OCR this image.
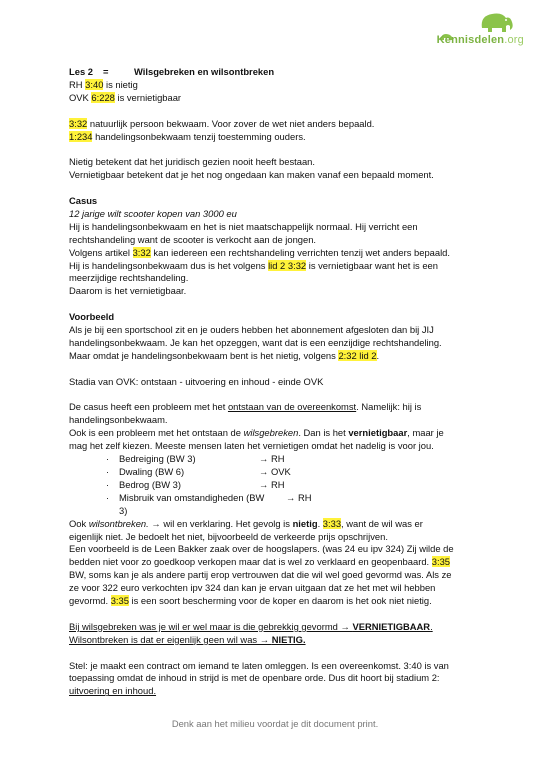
Kennisdelen.org
Les 2 =	Wilsgebreken en wilsontbreken

RH 3:40 is nietig

OVK 6:228 is vernietigbaar

3:32 natuurlijk persoon bekwaam. Voor zover de wet niet anders bepaald.

1:234 handelingsonbekwaam tenzij toestemming ouders.

Nietig betekent dat het juridisch gezien nooit heeft bestaan.

Vernietigbaar betekent dat je het nog ongedaan kan maken vanaf een bepaald moment.

Casus

12 jarige wilt scooter kopen van 3000 eu

Hij is handelingsonbekwaam en het is niet maatschappelijk normaal. Hij verricht een

rechtshandeling want de scooter is verkocht aan de jongen.

Volgens artikel 3:32 kan iedereen een rechtshandeling verrichten tenzij wet anders bepaald.

Hij is handelingsonbekwaam dus is het volgens lid 2 3:32 is vernietigbaar want het is een

meerzijdige rechtshandeling.

Daarom is het vernietigbaar.

Voorbeeld

Als je bij een sportschool zit en je ouders hebben het abonnement afgesloten dan bij JIJ

handelingsonbekwaam. Je kan het opzeggen, want dat is een eenzijdige rechtshandeling.

Maar omdat je handelingsonbekwaam bent is het nietig, volgens 2:32 lid 2.

Stadia van OVK: ontstaan - uitvoering en inhoud - einde OVK

De casus heeft een probleem met het ontstaan van de overeenkomst. Namelijk: hij is

handelingsonbekwaam.

Ook is een probleem met het ontstaan de wilsgebreken. Dan is het vernietigbaar, maar je

mag het zelf kiezen. Meeste mensen laten het vernietigen omdat het nadelig is voor jou.

·	Bedreiging (BW 3)	→ RH
·	Dwaling (BW 6)	→ OVK
·	Bedrog (BW 3)	→ RH
·	Misbruik van omstandigheden (BW 3)
→ RH

Ook wilsontbreken. → wil en verklaring. Het gevolg is nietig. 3:33, want de wil was er

eigenlijk niet. Je bedoelt het niet, bijvoorbeeld de verkeerde prijs opschrijven.

Een voorbeeld is de Leen Bakker zaak over de hoogslapers. (was 24 eu ipv 324) Zij wilde de

bedden niet voor zo goedkoop verkopen maar dat is wel zo verklaard en geopenbaard. 3:35

BW, soms kan je als andere partij erop vertrouwen dat die wil wel goed gevormd was. Als ze

ze voor 322 euro verkochten ipv 324 dan kan je ervan uitgaan dat ze het met wil hebben

gevormd. 3:35 is een soort bescherming voor de koper en daarom is het ook niet nietig.

Bij wilsgebreken was je wil er wel maar is die gebrekkig gevormd → VERNIETIGBAAR.

Wilsontbreken is dat er eigenlijk geen wil was → NIETIG.

Stel: je maakt een contract om iemand te laten omleggen. Is een overeenkomst. 3:40 is van

toepassing omdat de inhoud in strijd is met de openbare orde. Dus dit hoort bij stadium 2:

uitvoering en inhoud.

Denk aan het milieu voordat je dit document print.
